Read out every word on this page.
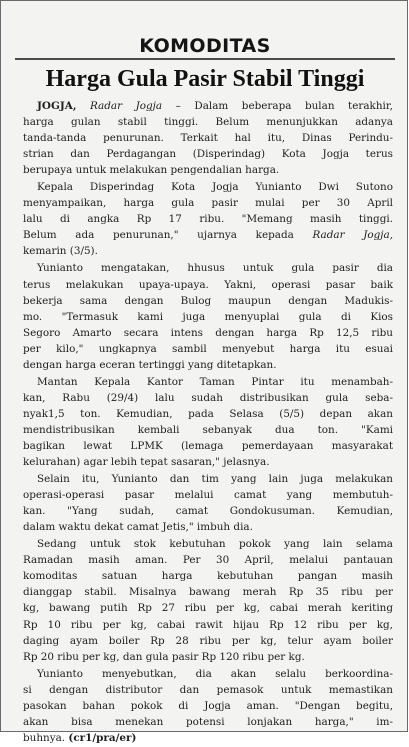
KOMODITAS
Harga Gula Pasir Stabil Tinggi

JOGJA, Radar Jogja – Dalam beberapa bulan terakhir,
harga gulan stabil tinggi. Belum menunjukkan adanya
tanda-tanda penurunan. Terkait hal itu, Dinas Perindu-
strian dan Perdagangan (Disperindag) Kota Jogja terus
berupaya untuk melakukan pengendalian harga.

Kepala Disperindag Kota Jogja Yunianto Dwi Sutono
menyampaikan, harga gula pasir mulai per 30 April
lalu di angka Rp 17 ribu. "Memang masih tinggi.
Belum ada penurunan," ujarnya kepada Radar Jogja,
kemarin (3/5).

Yunianto mengatakan, hhusus untuk gula pasir dia
terus melakukan upaya-upaya. Yakni, operasi pasar baik
bekerja sama dengan Bulog maupun dengan Madukis-
mo. "Termasuk kami juga menyuplai gula di Kios
Segoro Amarto secara intens dengan harga Rp 12,5 ribu
per kilo," ungkapnya sambil menyebut harga itu esuai
dengan harga eceran tertinggi yang ditetapkan.

Mantan Kepala Kantor Taman Pintar itu menambah-
kan, Rabu (29/4) lalu sudah distribusikan gula seba-
nyak1,5 ton. Kemudian, pada Selasa (5/5) depan akan
mendistribusikan kembali sebanyak dua ton. "Kami
bagikan lewat LPMK (lemaga pemerdayaan masyarakat
kelurahan) agar lebih tepat sasaran," jelasnya.

Selain itu, Yunianto dan tim yang lain juga melakukan
operasi-operasi pasar melalui camat yang membutuh-
kan. "Yang sudah, camat Gondokusuman. Kemudian,
dalam waktu dekat camat Jetis," imbuh dia.

Sedang untuk stok kebutuhan pokok yang lain selama
Ramadan masih aman. Per 30 April, melalui pantauan
komoditas satuan harga kebutuhan pangan masih
dianggap stabil. Misalnya bawang merah Rp 35 ribu per
kg, bawang putih Rp 27 ribu per kg, cabai merah keriting
Rp 10 ribu per kg, cabai rawit hijau Rp 12 ribu per kg,
daging ayam boiler Rp 28 ribu per kg, telur ayam boiler
Rp 20 ribu per kg, dan gula pasir Rp 120 ribu per kg.

Yunianto menyebutkan, dia akan selalu berkoordina-
si dengan distributor dan pemasok untuk memastikan
pasokan bahan pokok di Jogja aman. "Dengan begitu,
akan bisa menekan potensi lonjakan harga," im-
buhnya. (cr1/pra/er)
